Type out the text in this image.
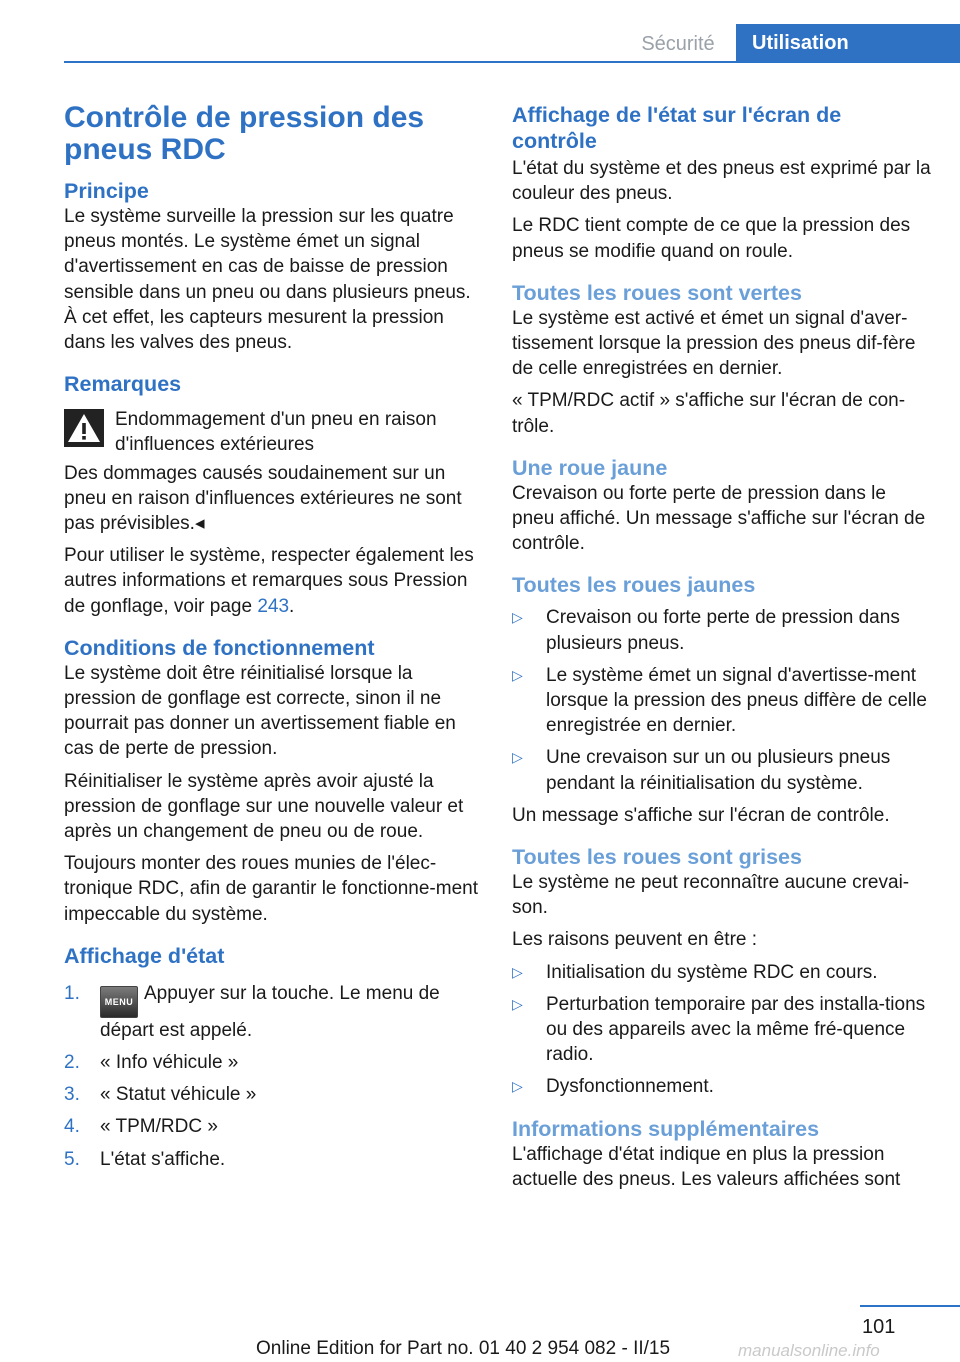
Sécurité	Utilisation
Contrôle de pression des pneus RDC
Principe

Le système surveille la pression sur les quatre pneus montés. Le système émet un signal d'avertissement en cas de baisse de pression sensible dans un pneu ou dans plusieurs pneus. À cet effet, les capteurs mesurent la pression dans les valves des pneus.

Remarques
Endommagement d'un pneu en raison d'influences extérieures

Des dommages causés soudainement sur un pneu en raison d'influences extérieures ne sont pas prévisibles.◂

Pour utiliser le système, respecter également les autres informations et remarques sous Pression de gonflage, voir page 243.

Conditions de fonctionnement

Le système doit être réinitialisé lorsque la pression de gonflage est correcte, sinon il ne pourrait pas donner un avertissement fiable en cas de perte de pression.

Réinitialiser le système après avoir ajusté la pression de gonflage sur une nouvelle valeur et après un changement de pneu ou de roue.

Toujours monter des roues munies de l'élec-tronique RDC, afin de garantir le fonctionne-ment impeccable du système.

Affichage d'état
1.	MENU Appuyer sur la touche. Le menu de départ est appelé.
2.	« Info véhicule »
3.	« Statut véhicule »
4.	« TPM/RDC »
5.	L'état s'affiche.
Affichage de l'état sur l'écran de contrôle

L'état du système et des pneus est exprimé par la couleur des pneus.

Le RDC tient compte de ce que la pression des pneus se modifie quand on roule.

Toutes les roues sont vertes

Le système est activé et émet un signal d'aver-tissement lorsque la pression des pneus dif-fère de celle enregistrées en dernier.

« TPM/RDC actif » s'affiche sur l'écran de con-trôle.

Une roue jaune

Crevaison ou forte perte de pression dans le pneu affiché. Un message s'affiche sur l'écran de contrôle.

Toutes les roues jaunes
▷	Crevaison ou forte perte de pression dans plusieurs pneus.
▷	Le système émet un signal d'avertisse-ment lorsque la pression des pneus diffère de celle enregistrée en dernier.
▷	Une crevaison sur un ou plusieurs pneus pendant la réinitialisation du système.

Un message s'affiche sur l'écran de contrôle.

Toutes les roues sont grises

Le système ne peut reconnaître aucune crevai-son.

Les raisons peuvent en être :

▷	Initialisation du système RDC en cours.
▷	Perturbation temporaire par des installa-tions ou des appareils avec la même fré-quence radio.
▷	Dysfonctionnement.
Informations supplémentaires

L'affichage d'état indique en plus la pression actuelle des pneus. Les valeurs affichées sont

101
Online Edition for Part no. 01 40 2 954 082 - II/15	manualsonline.info
